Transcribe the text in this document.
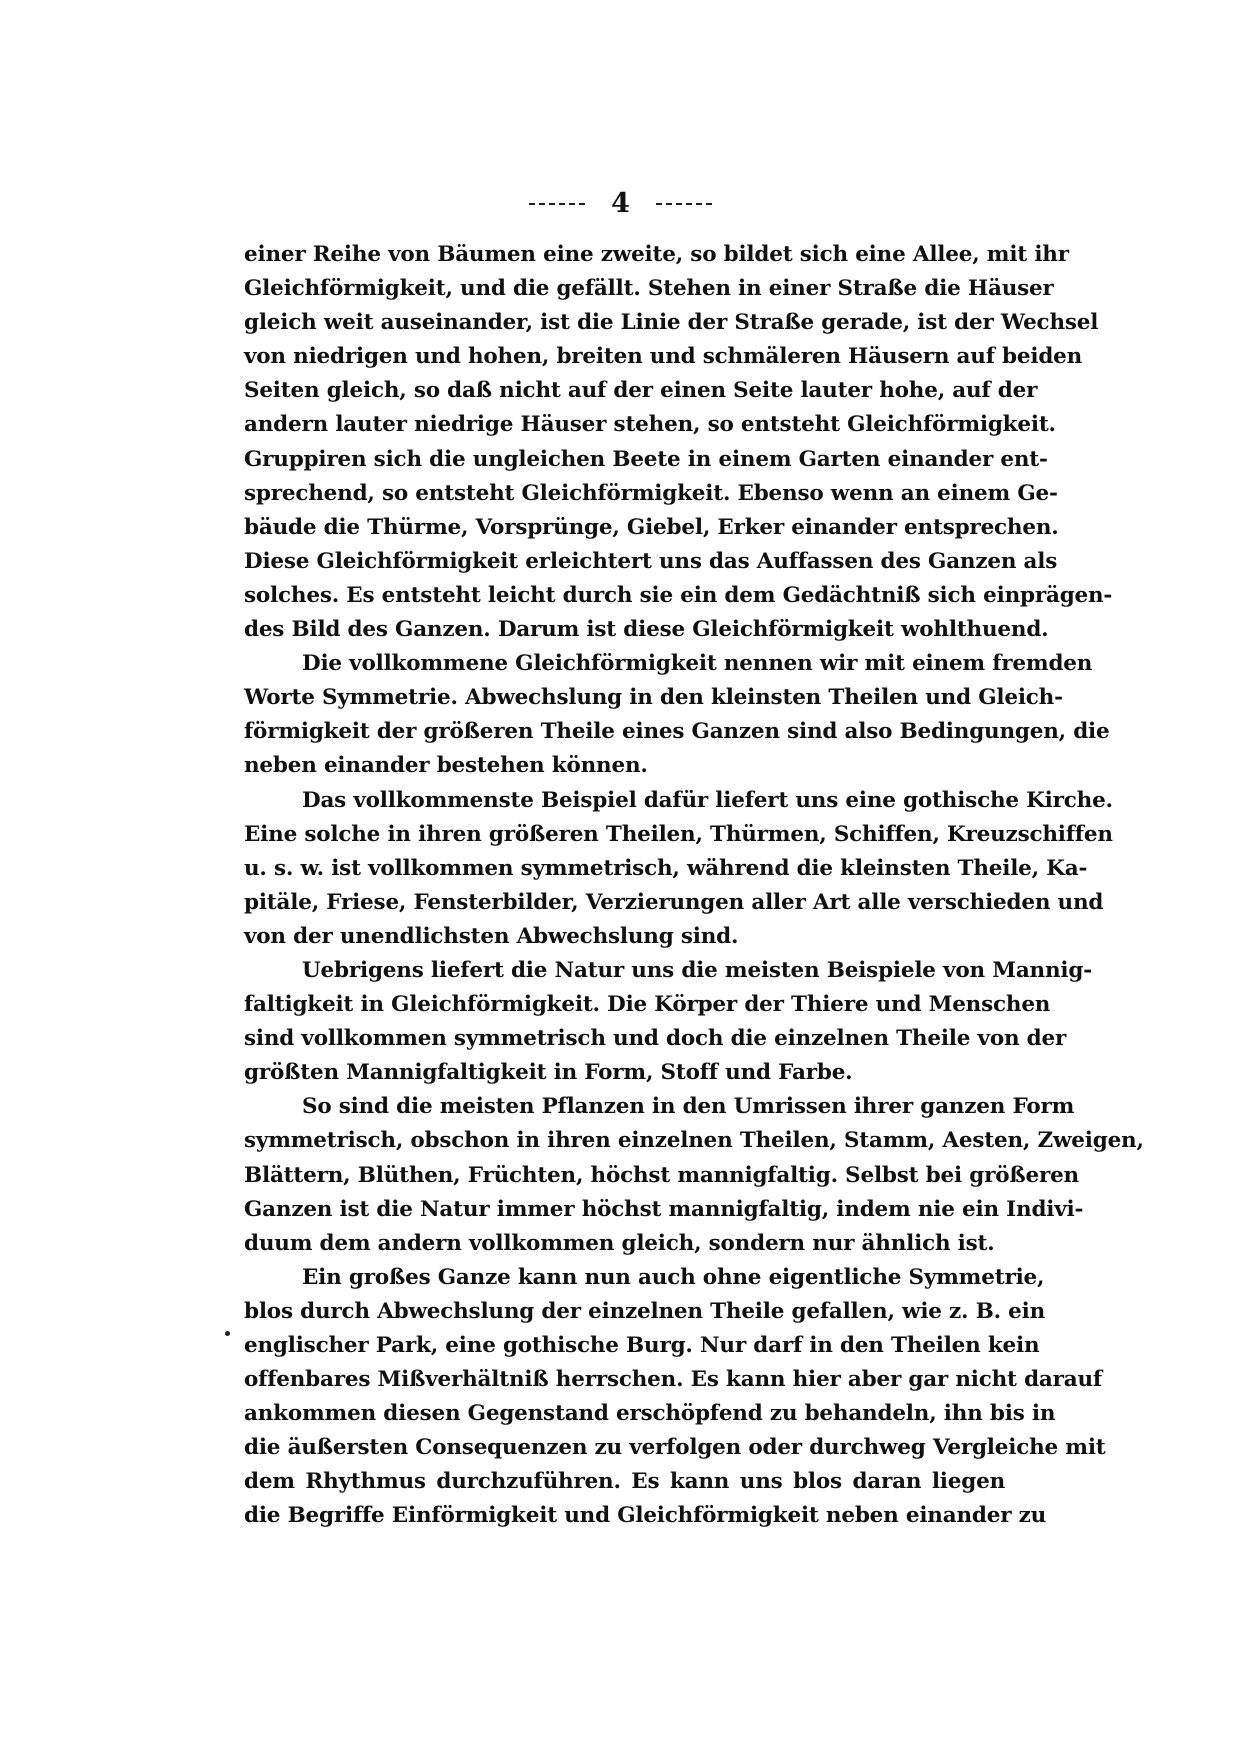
4
einer Reihe von Bäumen eine zweite, so bildet sich eine Allee, mit ihr
Gleichförmigkeit, und die gefällt. Stehen in einer Straße die Häuser
gleich weit auseinander, ist die Linie der Straße gerade, ist der Wechsel
von niedrigen und hohen, breiten und schmäleren Häusern auf beiden
Seiten gleich, so daß nicht auf der einen Seite lauter hohe, auf der
andern lauter niedrige Häuser stehen, so entsteht Gleichförmigkeit.
Gruppiren sich die ungleichen Beete in einem Garten einander ent-
sprechend, so entsteht Gleichförmigkeit. Ebenso wenn an einem Ge-
bäude die Thürme, Vorsprünge, Giebel, Erker einander entsprechen.
Diese Gleichförmigkeit erleichtert uns das Auffassen des Ganzen als
solches. Es entsteht leicht durch sie ein dem Gedächtniß sich einprägen-
des Bild des Ganzen. Darum ist diese Gleichförmigkeit wohlthuend.
Die vollkommene Gleichförmigkeit nennen wir mit einem fremden
Worte Symmetrie. Abwechslung in den kleinsten Theilen und Gleich-
förmigkeit der größeren Theile eines Ganzen sind also Bedingungen, die
neben einander bestehen können.
Das vollkommenste Beispiel dafür liefert uns eine gothische Kirche.
Eine solche in ihren größeren Theilen, Thürmen, Schiffen, Kreuzschiffen
u. s. w. ist vollkommen symmetrisch, während die kleinsten Theile, Ka-
pitäle, Friese, Fensterbilder, Verzierungen aller Art alle verschieden und
von der unendlichsten Abwechslung sind.
Uebrigens liefert die Natur uns die meisten Beispiele von Mannig-
faltigkeit in Gleichförmigkeit. Die Körper der Thiere und Menschen
sind vollkommen symmetrisch und doch die einzelnen Theile von der
größten Mannigfaltigkeit in Form, Stoff und Farbe.
So sind die meisten Pflanzen in den Umrissen ihrer ganzen Form
symmetrisch, obschon in ihren einzelnen Theilen, Stamm, Aesten, Zweigen,
Blättern, Blüthen, Früchten, höchst mannigfaltig. Selbst bei größeren
Ganzen ist die Natur immer höchst mannigfaltig, indem nie ein Indivi-
duum dem andern vollkommen gleich, sondern nur ähnlich ist.
Ein großes Ganze kann nun auch ohne eigentliche Symmetrie,
blos durch Abwechslung der einzelnen Theile gefallen, wie z. B. ein
englischer Park, eine gothische Burg. Nur darf in den Theilen kein
offenbares Mißverhältniß herrschen. Es kann hier aber gar nicht darauf
ankommen diesen Gegenstand erschöpfend zu behandeln, ihn bis in
die äußersten Consequenzen zu verfolgen oder durchweg Vergleiche mit
dem Rhythmus durchzuführen. Es kann uns blos daran liegen
die Begriffe Einförmigkeit und Gleichförmigkeit neben einander zu
